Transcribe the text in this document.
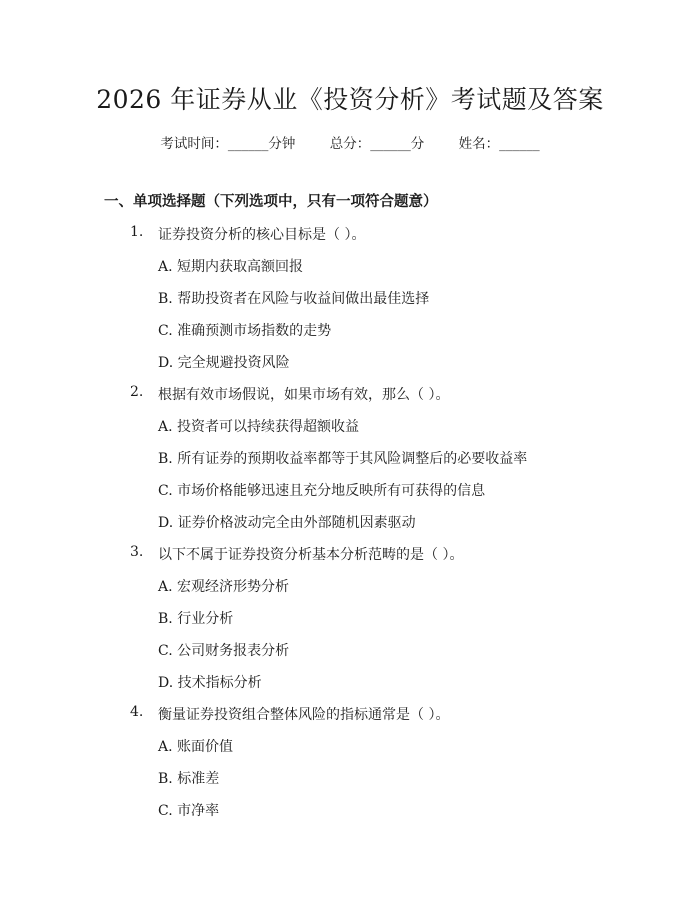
2026 年证券从业《投资分析》考试题及答案
考试时间：______分钟	总分：______分	姓名：______
一、单项选择题（下列选项中，只有一项符合题意）
1. 证券投资分析的核心目标是（ ）。
A. 短期内获取高额回报
B. 帮助投资者在风险与收益间做出最佳选择
C. 准确预测市场指数的走势
D. 完全规避投资风险
2. 根据有效市场假说，如果市场有效，那么（ ）。
A. 投资者可以持续获得超额收益
B. 所有证券的预期收益率都等于其风险调整后的必要收益率
C. 市场价格能够迅速且充分地反映所有可获得的信息
D. 证券价格波动完全由外部随机因素驱动
3. 以下不属于证券投资分析基本分析范畴的是（ ）。
A. 宏观经济形势分析
B. 行业分析
C. 公司财务报表分析
D. 技术指标分析
4. 衡量证券投资组合整体风险的指标通常是（ ）。
A. 账面价值
B. 标准差
C. 市净率
